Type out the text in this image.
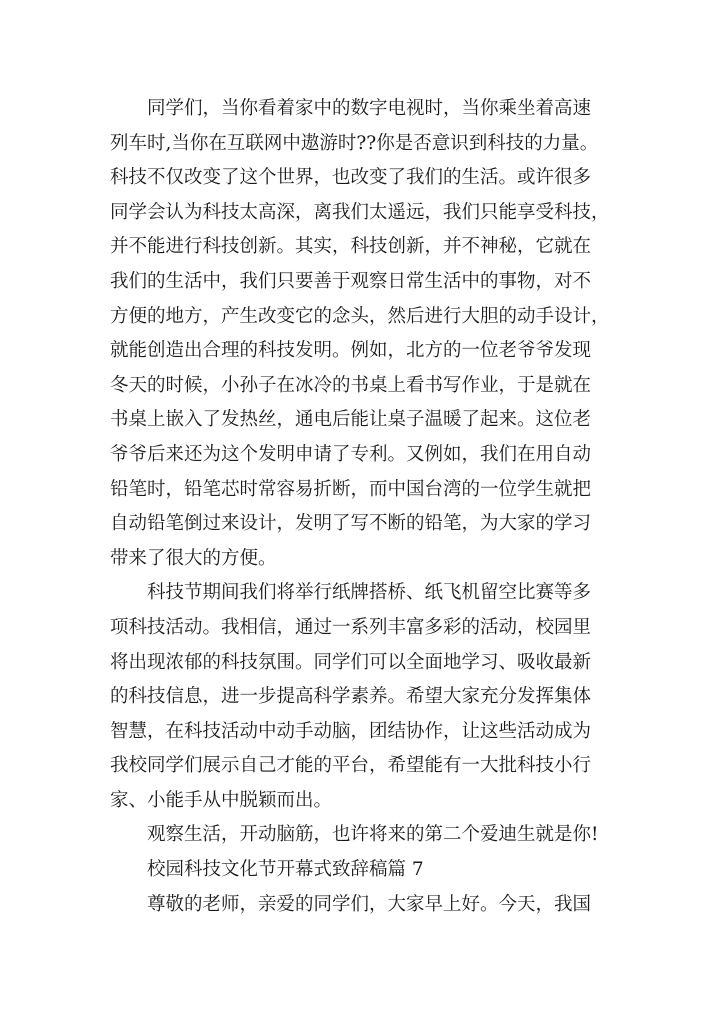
同学们，当你看着家中的数字电视时，当你乘坐着高速
列车时,当你在互联网中遨游时??你是否意识到科技的力量。
科技不仅改变了这个世界，也改变了我们的生活。或许很多
同学会认为科技太高深，离我们太遥远，我们只能享受科技，
并不能进行科技创新。其实，科技创新，并不神秘，它就在
我们的生活中，我们只要善于观察日常生活中的事物，对不
方便的地方，产生改变它的念头，然后进行大胆的动手设计，
就能创造出合理的科技发明。例如，北方的一位老爷爷发现
冬天的时候，小孙子在冰冷的书桌上看书写作业，于是就在
书桌上嵌入了发热丝，通电后能让桌子温暖了起来。这位老
爷爷后来还为这个发明申请了专利。又例如，我们在用自动
铅笔时，铅笔芯时常容易折断，而中国台湾的一位学生就把
自动铅笔倒过来设计，发明了写不断的铅笔，为大家的学习
带来了很大的方便。
科技节期间我们将举行纸牌搭桥、纸飞机留空比赛等多
项科技活动。我相信，通过一系列丰富多彩的活动，校园里
将出现浓郁的科技氛围。同学们可以全面地学习、吸收最新
的科技信息，进一步提高科学素养。希望大家充分发挥集体
智慧，在科技活动中动手动脑，团结协作，让这些活动成为
我校同学们展示自己才能的平台，希望能有一大批科技小行
家、小能手从中脱颖而出。
观察生活，开动脑筋，也许将来的第二个爱迪生就是你!
校园科技文化节开幕式致辞稿篇 7
尊敬的老师，亲爱的同学们，大家早上好。今天，我国
